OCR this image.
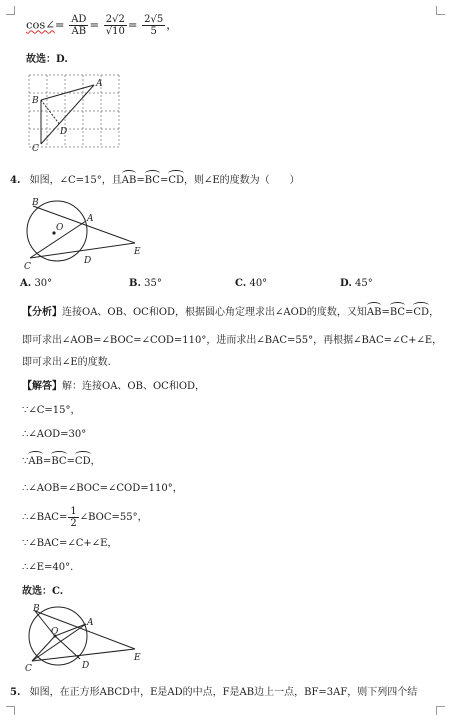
cos∠= $\frac{AD}{AB} = \frac{2√2}{√10} = \frac{2√5}{5}$ ，
故选：D.
A
B
C
D
4. 如图，∠C=15°，且AB=BC=CD，则∠E的度数为（　　）
B
A
O
E
C
D
A. 30°	B. 35°	C. 40°	D. 45°
【分析】连接OA、OB、OC和OD，根据圆心角定理求出∠AOD的度数，又知AB=BC=CD，
即可求出∠AOB=∠BOC=∠COD=110°，进而求出∠BAC=55°，再根据∠BAC=∠C+∠E，
即可求出∠E的度数.
【解答】解：连接OA、OB、OC和OD，
∵∠C=15°，
∴∠AOD=30°
∵AB=BC=CD，
∴∠AOB=∠BOC=∠COD=110°，
∴∠BAC= $\frac{1}{2}$ ∠BOC=55°，
∵∠BAC=∠C+∠E，
∴∠E=40°．
故选：C.
B
A
O
E
C	D
5. 如图，在正方形ABCD中，E是AD的中点，F是AB边上一点，BF=3AF，则下列四个结
